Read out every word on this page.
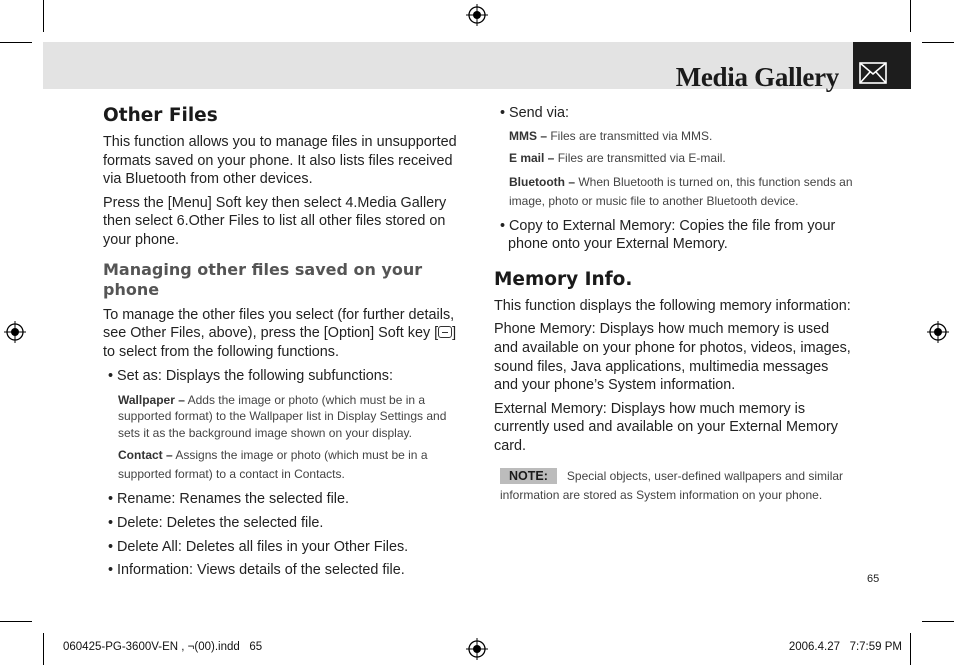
Media Gallery
Other Files

This function allows you to manage files in unsupported formats saved on your phone. It also lists files received via Bluetooth from other devices.

Press the [Menu] Soft key then select 4.Media Gallery then select 6.Other Files to list all other files stored on your phone.

Managing other files saved on your phone

To manage the other files you select (for further details, see Other Files, above), press the [Option] Soft key [ ] to select from the following functions.

• Set as: Displays the following subfunctions:

Wallpaper – Adds the image or photo (which must be in a supported format) to the Wallpaper list in Display Settings and sets it as the background image shown on your display.

Contact – Assigns the image or photo (which must be in a supported format) to a contact in Contacts.

• Rename: Renames the selected file.

• Delete: Deletes the selected file.

• Delete All: Deletes all files in your Other Files.

• Information: Views details of the selected file.

• Send via:

MMS – Files are transmitted via MMS.

E mail – Files are transmitted via E-mail.

Bluetooth – When Bluetooth is turned on, this function sends an image, photo or music file to another Bluetooth device.

• Copy to External Memory: Copies the file from your phone onto your External Memory.

Memory Info.

This function displays the following memory information:

Phone Memory: Displays how much memory is used and available on your phone for photos, videos, images, sound files, Java applications, multimedia messages and your phone’s System information.

External Memory: Displays how much memory is currently used and available on your External Memory card.

NOTE: Special objects, user-defined wallpapers and similar information are stored as System information on your phone.

65
060425-PG-3600V-EN , ¬(00).indd   65	2006.4.27   7:7:59 PM
